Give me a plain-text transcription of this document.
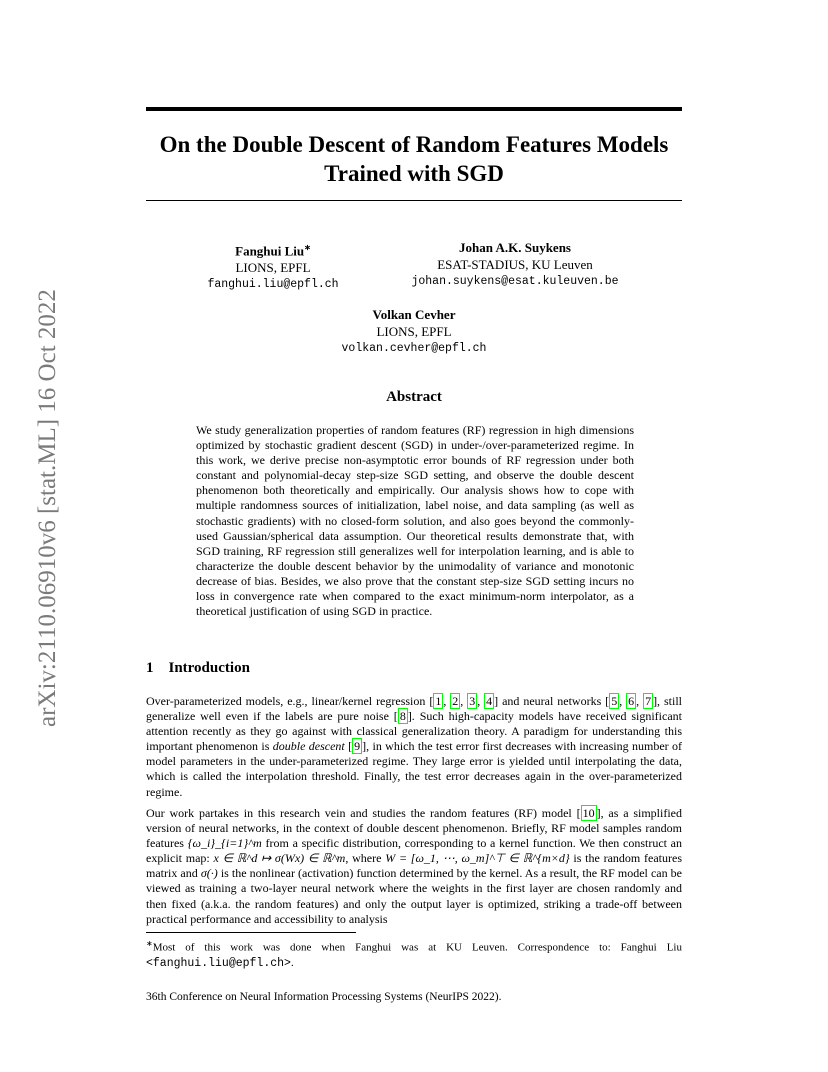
arXiv:2110.06910v6 [stat.ML] 16 Oct 2022
On the Double Descent of Random Features Models
Trained with SGD
Fanghui Liu∗
LIONS, EPFL
fanghui.liu@epfl.ch
Johan A.K. Suykens
ESAT-STADIUS, KU Leuven
johan.suykens@esat.kuleuven.be
Volkan Cevher
LIONS, EPFL
volkan.cevher@epfl.ch
Abstract
We study generalization properties of random features (RF) regression in high dimensions optimized by stochastic gradient descent (SGD) in under-/over-parameterized regime. In this work, we derive precise non-asymptotic error bounds of RF regression under both constant and polynomial-decay step-size SGD setting, and observe the double descent phenomenon both theoretically and empirically. Our analysis shows how to cope with multiple randomness sources of initialization, label noise, and data sampling (as well as stochastic gradients) with no closed-form solution, and also goes beyond the commonly-used Gaussian/spherical data assumption. Our theoretical results demonstrate that, with SGD training, RF regression still generalizes well for interpolation learning, and is able to characterize the double descent behavior by the unimodality of variance and monotonic decrease of bias. Besides, we also prove that the constant step-size SGD setting incurs no loss in convergence rate when compared to the exact minimum-norm interpolator, as a theoretical justification of using SGD in practice.
1 Introduction
Over-parameterized models, e.g., linear/kernel regression [ 1 , 2 , 3 , 4 ] and neural networks [ 5 , 6 , 7 ], still generalize well even if the labels are pure noise [ 8 ]. Such high-capacity models have received significant attention recently as they go against with classical generalization theory. A paradigm for understanding this important phenomenon is double descent [ 9 ], in which the test error first decreases with increasing number of model parameters in the under-parameterized regime. They large error is yielded until interpolating the data, which is called the interpolation threshold. Finally, the test error decreases again in the over-parameterized regime.
Our work partakes in this research vein and studies the random features (RF) model [ 10 ], as a simplified version of neural networks, in the context of double descent phenomenon. Briefly, RF model samples random features {ω_i}_{i=1}^m from a specific distribution, corresponding to a kernel function. We then construct an explicit map: x ∈ ℝ^d ↦ σ(Wx) ∈ ℝ^m, where W = [ω_1, ⋯, ω_m]^⊤ ∈ ℝ^{m×d} is the random features matrix and σ(·) is the nonlinear (activation) function determined by the kernel. As a result, the RF model can be viewed as training a two-layer neural network where the weights in the first layer are chosen randomly and then fixed (a.k.a. the random features) and only the output layer is optimized, striking a trade-off between practical performance and accessibility to analysis
∗Most of this work was done when Fanghui was at KU Leuven. Correspondence to: Fanghui Liu <fanghui.liu@epfl.ch>.
36th Conference on Neural Information Processing Systems (NeurIPS 2022).
